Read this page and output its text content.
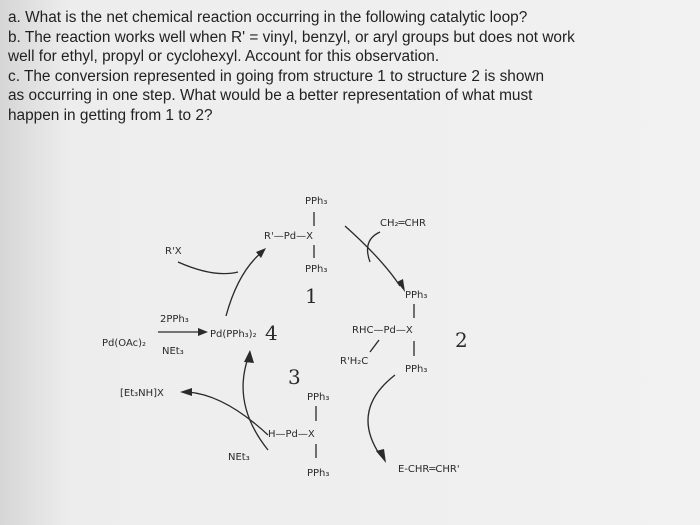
a. What is the net chemical reaction occurring in the following catalytic loop?
b. The reaction works well when R' = vinyl, benzyl, or aryl groups but does not work
well for ethyl, propyl or cyclohexyl. Account for this observation.
c. The conversion represented in going from structure 1 to structure 2 is shown
as occurring in one step. What would be a better representation of what must
happen in getting from 1 to 2?
PPh₃
R'—Pd—X
PPh₃
1
CH₂═CHR
PPh₃
RHC—Pd—X 2
PPh₃
R'H₂C
E-CHR═CHR'
3
PPh₃
H—Pd—X
PPh₃
NEt₃
[Et₃NH]X
Pd(OAc)₂
2PPh₃
NEt₃
Pd(PPh₃)₂ 4
R'X
